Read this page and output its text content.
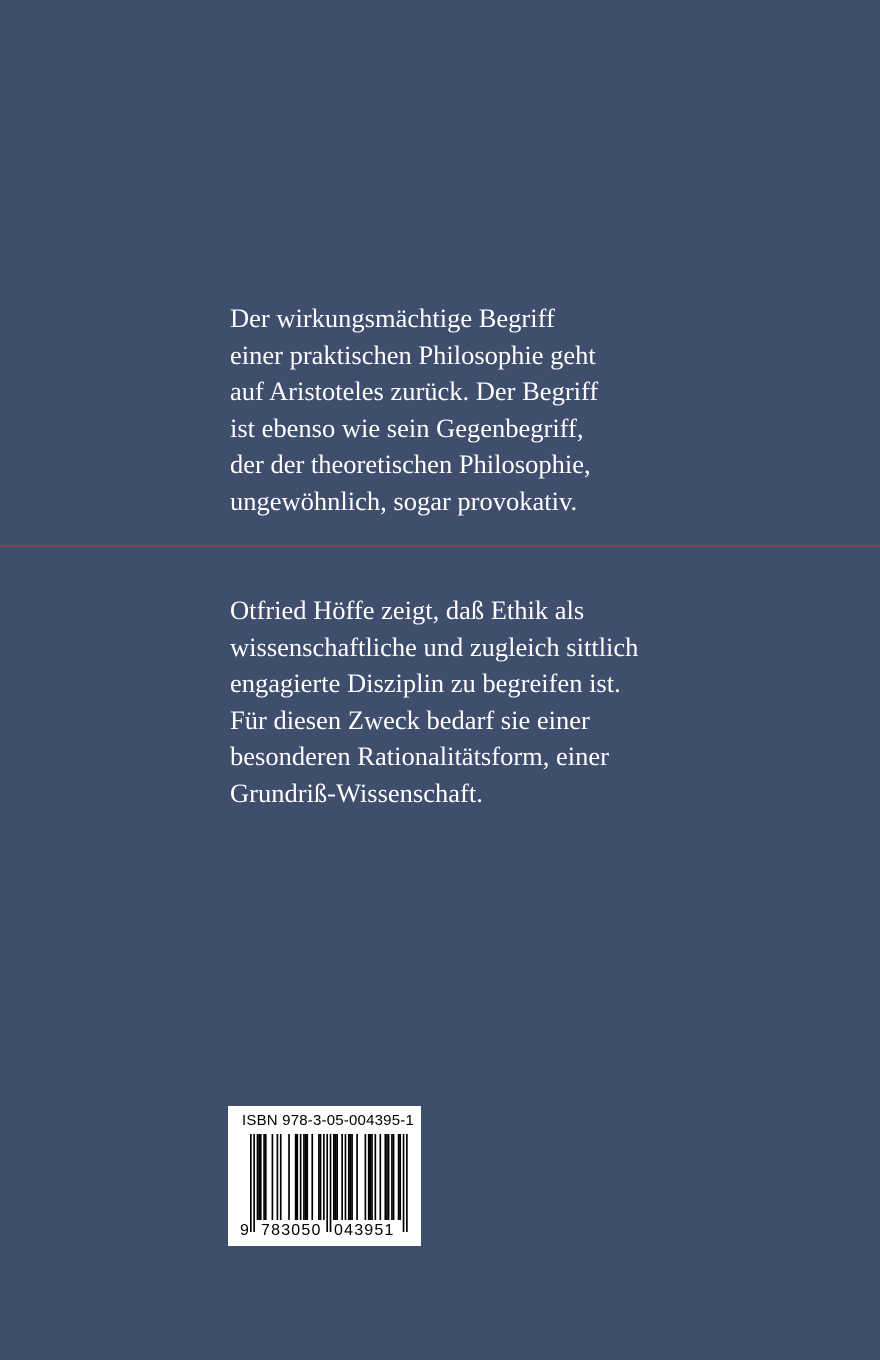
Der wirkungsmächtige Begriff
einer praktischen Philosophie geht
auf Aristoteles zurück. Der Begriff
ist ebenso wie sein Gegenbegriff,
der der theoretischen Philosophie,
ungewöhnlich, sogar provokativ.
Otfried Höffe zeigt, daß Ethik als
wissenschaftliche und zugleich sittlich
engagierte Disziplin zu begreifen ist.
Für diesen Zweck bedarf sie einer
besonderen Rationalitätsform, einer
Grundriß-Wissenschaft.
ISBN 978-3-05-004395-1
9 783050 043951
